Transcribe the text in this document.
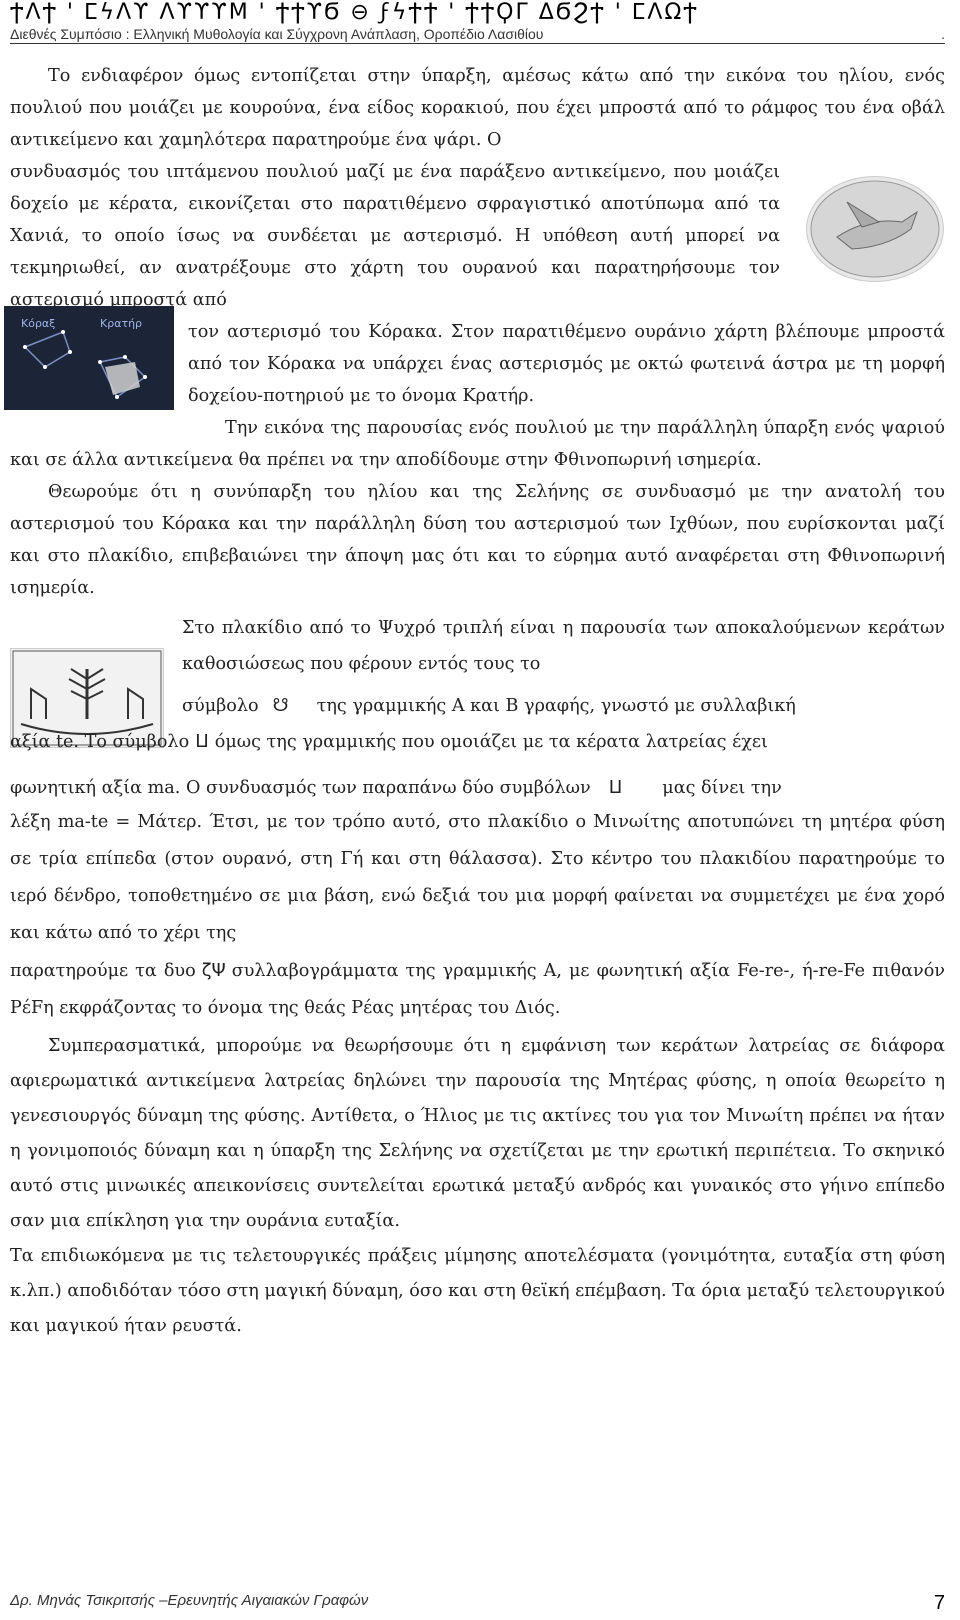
ϮΛϮ ' ⵎϟΛϒ ΛϒϒϒΜ ' ϮϮϒϬ ⊖ ϝϟϮϮ ' ϮϮϘΓ ΔϬϨϮ ' ⵎΛΩϮ
Διεθνές Συμπόσιο : Ελληνική Μυθολογία και Σύγχρονη Ανάπλαση, Οροπέδιο Λασιθίου	.
Κόραξ	Κρατήρ

Το ενδιαφέρον όμως εντοπίζεται στην ύπαρξη, αμέσως κάτω από την εικόνα του ηλίου, ενός πουλιού που μοιάζει με κουρούνα, ένα είδος κορακιού, που έχει μπροστά από το ράμφος του ένα οβάλ αντικείμενο και χαμηλότερα παρατηρούμε ένα ψάρι. Ο

συνδυασμός του ιπτάμενου πουλιού μαζί με ένα παράξενο αντικείμενο, που μοιάζει δοχείο με κέρατα, εικονίζεται στο παρατιθέμενο σφραγιστικό αποτύπωμα από τα Χανιά, το οποίο ίσως να συνδέεται με αστερισμό. Η υπόθεση αυτή μπορεί να τεκμηριωθεί, αν ανατρέξουμε στο χάρτη του ουρανού και παρατηρήσουμε τον αστερισμό μπροστά από

τον αστερισμό του Κόρακα. Στον παρατιθέμενο ουράνιο χάρτη βλέπουμε μπροστά από τον Κόρακα να υπάρχει ένας αστερισμός με οκτώ φωτεινά άστρα με τη μορφή δοχείου-ποτηριού με το όνομα Κρατήρ.

Την εικόνα της παρουσίας ενός πουλιού με την παράλληλη ύπαρξη ενός ψαριού και σε άλλα αντικείμενα θα πρέπει να την αποδίδουμε στην Φθινοπωρινή ισημερία.

Θεωρούμε ότι η συνύπαρξη του ηλίου και της Σελήνης σε συνδυασμό με την ανατολή του αστερισμού του Κόρακα και την παράλληλη δύση του αστερισμού των Ιχθύων, που ευρίσκονται μαζί και στο πλακίδιο, επιβεβαιώνει την άποψη μας ότι και το εύρημα αυτό αναφέρεται στη Φθινοπωρινή ισημερία.

Στο πλακίδιο από το Ψυχρό τριπλή είναι η παρουσία των αποκαλούμενων κεράτων καθοσιώσεως που φέρουν εντός τους το

σύμβολο ☋	της γραμμικής Α και Β γραφής, γνωστό με συλλαβική

αξία te. Το σύμβολο ⵡ όμως της γραμμικής που ομοιάζει με τα κέρατα λατρείας έχει

φωνητική αξία ma. Ο συνδυασμός των παραπάνω δύο συμβόλων ⵡ μας δίνει την

λέξη ma-te = Μάτερ. Έτσι, με τον τρόπο αυτό, στο πλακίδιο ο Μινωίτης αποτυπώνει τη μητέρα φύση σε τρία επίπεδα (στον ουρανό, στη Γή και στη θάλασσα). Στο κέντρο του πλακιδίου παρατηρούμε το ιερό δένδρο, τοποθετημένο σε μια βάση, ενώ δεξιά του μια μορφή φαίνεται να συμμετέχει με ένα χορό και κάτω από το χέρι της

παρατηρούμε τα δυο ζΨ συλλαβογράμματα της γραμμικής Α, με φωνητική αξία Fe-re-, ή-re-Fe πιθανόν ΡέFη εκφράζοντας το όνομα της θεάς Ρέας μητέρας του Διός.

Συμπερασματικά, μπορούμε να θεωρήσουμε ότι η εμφάνιση των κεράτων λατρείας σε διάφορα αφιερωματικά αντικείμενα λατρείας δηλώνει την παρουσία της Μητέρας φύσης, η οποία θεωρείτο η γενεσιουργός δύναμη της φύσης. Αντίθετα, ο Ήλιος με τις ακτίνες του για τον Μινωίτη πρέπει να ήταν η γονιμοποιός δύναμη και η ύπαρξη της Σελήνης να σχετίζεται με την ερωτική περιπέτεια. Το σκηνικό αυτό στις μινωικές απεικονίσεις συντελείται ερωτικά μεταξύ ανδρός και γυναικός στο γήινο επίπεδο σαν μια επίκληση για την ουράνια ευταξία.

Τα επιδιωκόμενα με τις τελετουργικές πράξεις μίμησης αποτελέσματα (γονιμότητα, ευταξία στη φύση κ.λπ.) αποδιδόταν τόσο στη μαγική δύναμη, όσο και στη θεϊκή επέμβαση. Τα όρια μεταξύ τελετουργικού και μαγικού ήταν ρευστά.

Δρ. Μηνάς Τσικριτσής –Ερευνητής Αιγαιακών Γραφών	7
